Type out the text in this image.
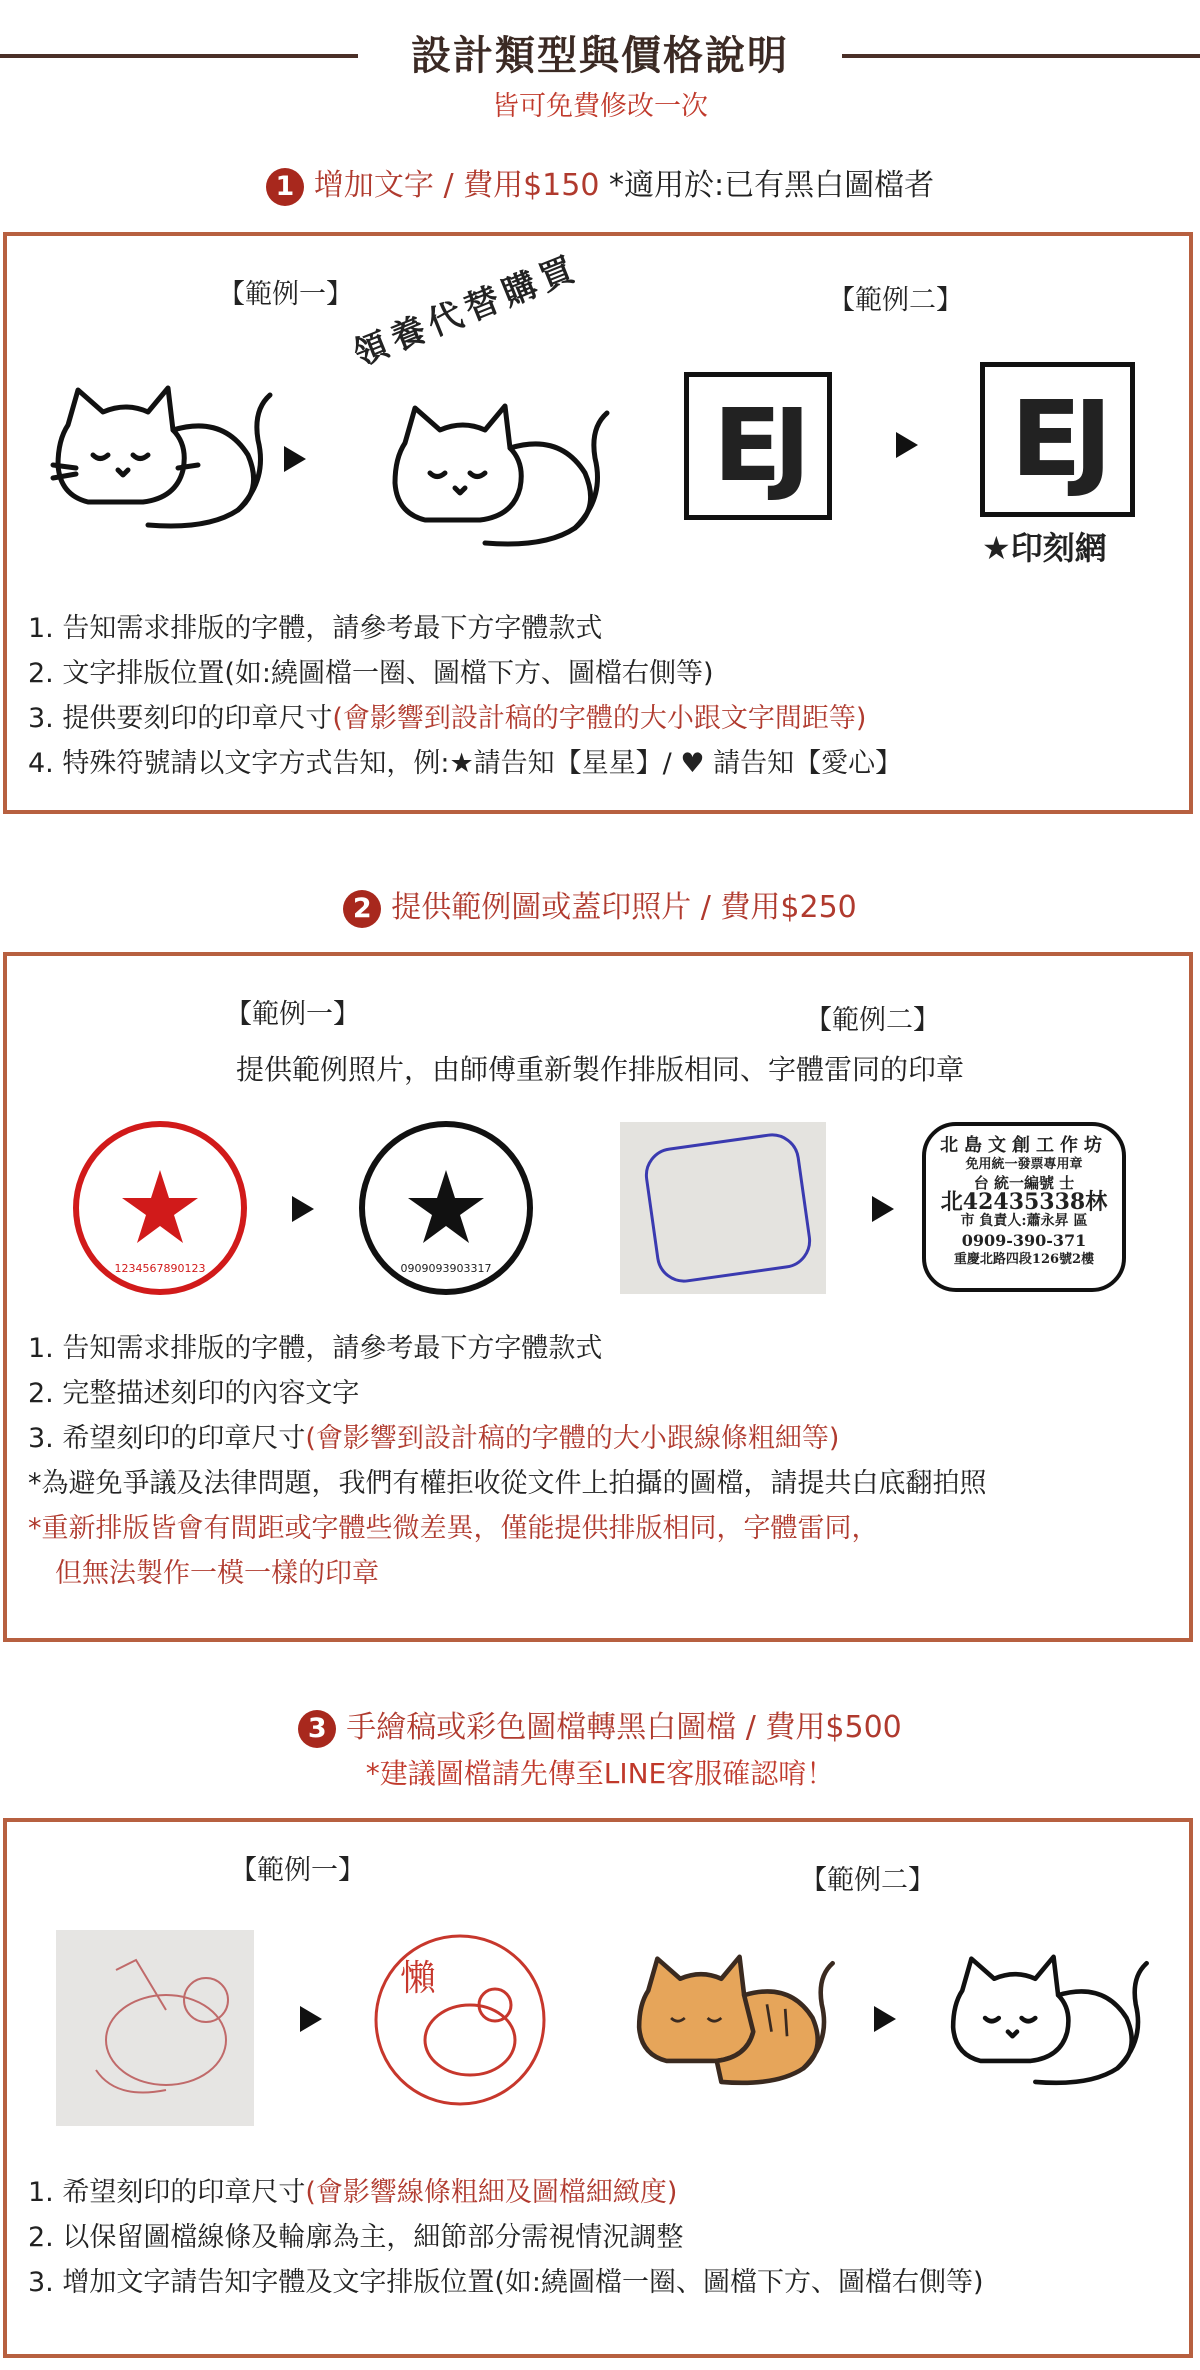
設計類型與價格說明
皆可免費修改一次
1 增加文字 / 費用$150 *適用於:已有黑白圖檔者
【範例一】	【範例二】
領養代替購買
EJ EJ
★印刻網
1. 告知需求排版的字體，請參考最下方字體款式
2. 文字排版位置(如:繞圖檔一圈、圖檔下方、圖檔右側等)
3. 提供要刻印的印章尺寸(會影響到設計稿的字體的大小跟文字間距等)
4. 特殊符號請以文字方式告知，例:★請告知【星星】/ ♥ 請告知【愛心】
2 提供範例圖或蓋印照片 / 費用$250
【範例一】	【範例二】
提供範例照片，由師傅重新製作排版相同、字體雷同的印章
1234567890123	0909093903317
北島文創工作坊
免用統一發票專用章
台 統一編號 士
北42435338林
市 負責人:蕭永昇 區
0909-390-371
重慶北路四段126號2樓
1. 告知需求排版的字體，請參考最下方字體款式
2. 完整描述刻印的內容文字
3. 希望刻印的印章尺寸(會影響到設計稿的字體的大小跟線條粗細等)
*為避免爭議及法律問題，我們有權拒收從文件上拍攝的圖檔，請提共白底翻拍照
*重新排版皆會有間距或字體些微差異，僅能提供排版相同，字體雷同，
　但無法製作一模一樣的印章
3 手繪稿或彩色圖檔轉黑白圖檔 / 費用$500
*建議圖檔請先傳至LINE客服確認唷！
【範例一】	【範例二】
懶
1. 希望刻印的印章尺寸(會影響線條粗細及圖檔細緻度)
2. 以保留圖檔線條及輪廓為主，細節部分需視情況調整
3. 增加文字請告知字體及文字排版位置(如:繞圖檔一圈、圖檔下方、圖檔右側等)
